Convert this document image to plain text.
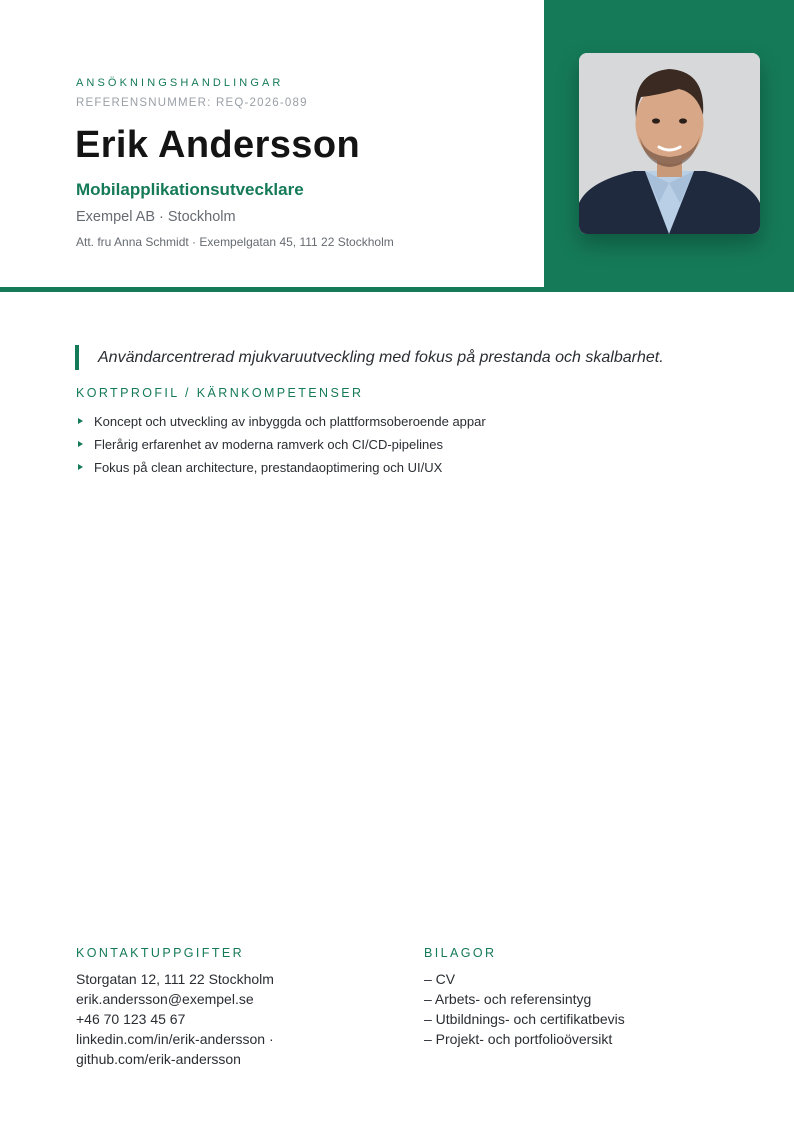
ANSÖKNINGSHANDLINGAR
REFERENSNUMMER: REQ-2026-089
Erik Andersson
Mobilapplikationsutvecklare
Exempel AB · Stockholm
Att. fru Anna Schmidt · Exempelgatan 45, 111 22 Stockholm
Användarcentrerad mjukvaruutveckling med fokus på prestanda och skalbarhet.
KORTPROFIL / KÄRNKOMPETENSER
Koncept och utveckling av inbyggda och plattformsoberoende appar
Flerårig erfarenhet av moderna ramverk och CI/CD-pipelines
Fokus på clean architecture, prestandaoptimering och UI/UX
KONTAKTUPPGIFTER
Storgatan 12, 111 22 Stockholm
erik.andersson@exempel.se
+46 70 123 45 67
linkedin.com/in/erik-andersson · github.com/erik-andersson
BILAGOR
– CV
– Arbets- och referensintyg
– Utbildnings- och certifikatbevis
– Projekt- och portfolioöversikt
